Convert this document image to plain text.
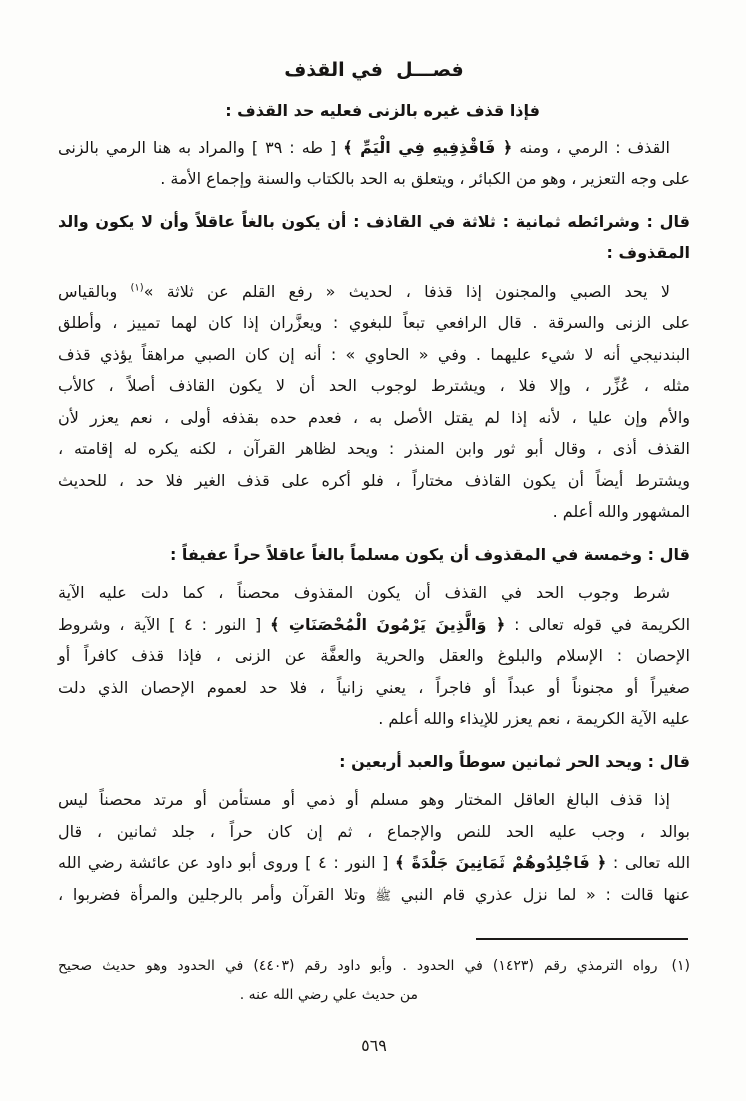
فصـــل  في القذف
فإذا قذف غيره بالزنى فعليه حد القذف :
القذف : الرمي ، ومنه ﴿ فَاقْذِفِيهِ فِي الْيَمِّ ﴾ [ طه : ٣٩ ] والمراد به هنا الرمي بالزنى
على وجه التعزير ، وهو من الكبائر ، ويتعلق به الحد بالكتاب والسنة وإجماع الأمة .
قال : وشرائطه ثمانية : ثلاثة في القاذف : أن يكون بالغاً عاقلاً وأن لا يكون والد
المقذوف :
لا يحد الصبي والمجنون إذا قذفا ، لحديث « رفع القلم عن ثلاثة »$^{(١)}$ وبالقياس
على الزنى والسرقة . قال الرافعي تبعاً للبغوي : ويعزَّران إذا كان لهما تمييز ، وأطلق
البندنيجي أنه لا شيء عليهما . وفي « الحاوي » : أنه إن كان الصبي مراهقاً يؤذي قذف
مثله ، عُزِّر ، وإلا فلا ، ويشترط لوجوب الحد أن لا يكون القاذف أصلاً ، كالأب
والأم وإن عليا ، لأنه إذا لم يقتل الأصل به ، فعدم حده بقذفه أولى ، نعم يعزر لأن
القذف أذى ، وقال أبو ثور وابن المنذر : ويحد لظاهر القرآن ، لكنه يكره له إقامته ،
ويشترط أيضاً أن يكون القاذف مختاراً ، فلو أكره على قذف الغير فلا حد ، للحديث
المشهور والله أعلم .
قال : وخمسة في المقذوف أن يكون مسلماً بالغاً عاقلاً حراً عفيفاً :
شرط وجوب الحد في القذف أن يكون المقذوف محصناً ، كما دلت عليه الآية
الكريمة في قوله تعالى : ﴿ وَالَّذِينَ يَرْمُونَ الْمُحْصَنَاتِ ﴾ [ النور : ٤ ] الآية ، وشروط
الإحصان : الإسلام والبلوغ والعقل والحرية والعفَّة عن الزنى ، فإذا قذف كافراً أو
صغيراً أو مجنوناً أو عبداً أو فاجراً ، يعني زانياً ، فلا حد لعموم الإحصان الذي دلت
عليه الآية الكريمة ، نعم يعزر للإيذاء والله أعلم .
قال : ويحد الحر ثمانين سوطاً والعبد أربعين :
إذا قذف البالغ العاقل المختار وهو مسلم أو ذمي أو مستأمن أو مرتد محصناً ليس
بوالد ، وجب عليه الحد للنص والإجماع ، ثم إن كان حراً ، جلد ثمانين ، قال
الله تعالى : ﴿ فَاجْلِدُوهُمْ ثَمَانِينَ جَلْدَةً ﴾ [ النور : ٤ ] وروى أبو داود عن عائشة رضي الله
عنها قالت : « لما نزل عذري قام النبي ﷺ وتلا القرآن وأمر بالرجلين والمرأة فضربوا ،
(١)رواه الترمذي رقم (١٤٢٣) في الحدود . وأبو داود رقم (٤٤٠٣) في الحدود وهو حديث صحيح
من حديث علي رضي الله عنه .
٥٦٩
